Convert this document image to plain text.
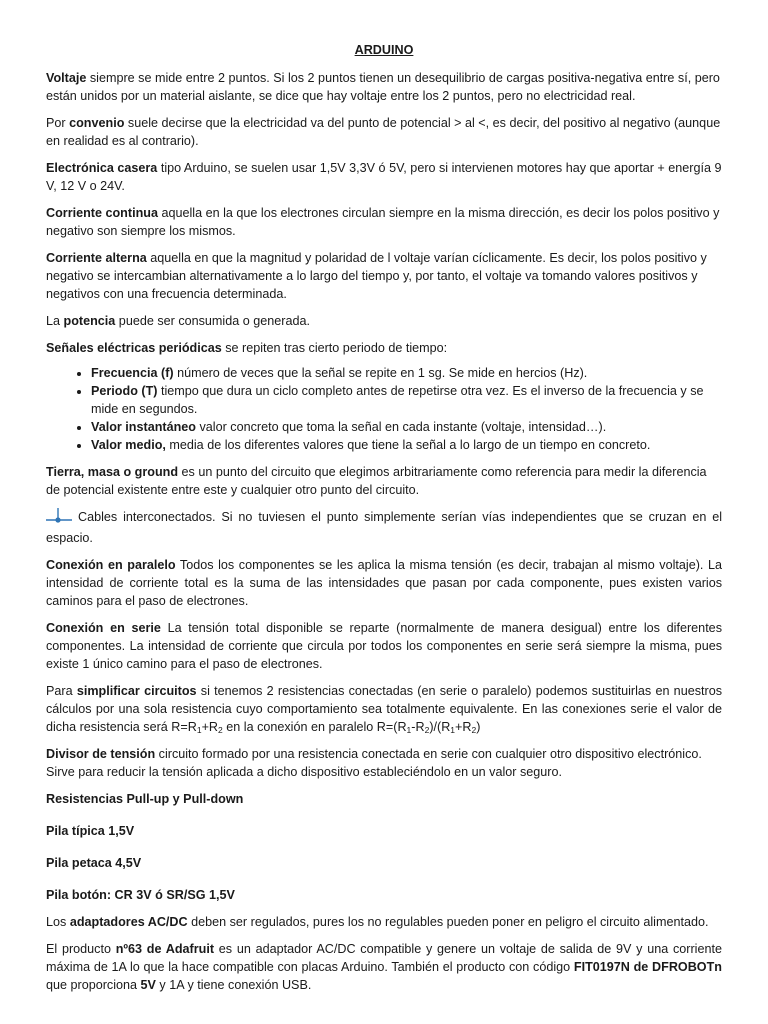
ARDUINO

Voltaje siempre se mide entre 2 puntos. Si los 2 puntos tienen un desequilibrio de cargas positiva-negativa entre sí, pero están unidos por un material aislante, se dice que hay voltaje entre los 2 puntos, pero no electricidad real.

Por convenio suele decirse que la electricidad va del punto de potencial > al <, es decir, del positivo al negativo (aunque en realidad es al contrario).

Electrónica casera tipo Arduino, se suelen usar 1,5V 3,3V ó 5V, pero si intervienen motores hay que aportar + energía 9 V, 12 V o 24V.

Corriente continua aquella en la que los electrones circulan siempre en la misma dirección, es decir los polos positivo y negativo son siempre los mismos.

Corriente alterna aquella en que la magnitud y polaridad de l voltaje varían cíclicamente. Es decir, los polos positivo y negativo se intercambian alternativamente a lo largo del tiempo y, por tanto, el voltaje va tomando valores positivos y negativos con una frecuencia determinada.

La potencia puede ser consumida o generada.

Señales eléctricas periódicas se repiten tras cierto periodo de tiempo:

• Frecuencia (f) número de veces que la señal se repite en 1 sg. Se mide en hercios (Hz).
• Periodo (T) tiempo que dura un ciclo completo antes de repetirse otra vez. Es el inverso de la frecuencia y se mide en segundos.
• Valor instantáneo valor concreto que toma la señal en cada instante (voltaje, intensidad…).
• Valor medio, media de los diferentes valores que tiene la señal a lo largo de un tiempo en concreto.

Tierra, masa o ground es un punto del circuito que elegimos arbitrariamente como referencia para medir la diferencia de potencial existente entre este y cualquier otro punto del circuito.

Cables interconectados. Si no tuviesen el punto simplemente serían vías independientes que se cruzan en el espacio.

Conexión en paralelo Todos los componentes se les aplica la misma tensión (es decir, trabajan al mismo voltaje). La intensidad de corriente total es la suma de las intensidades que pasan por cada componente, pues existen varios caminos para el paso de electrones.

Conexión en serie La tensión total disponible se reparte (normalmente de manera desigual) entre los diferentes componentes. La intensidad de corriente que circula por todos los componentes en serie será siempre la misma, pues existe 1 único camino para el paso de electrones.

Para simplificar circuitos si tenemos 2 resistencias conectadas (en serie o paralelo) podemos sustituirlas en nuestros cálculos por una sola resistencia cuyo comportamiento sea totalmente equivalente. En las conexiones serie el valor de dicha resistencia será $R=R_1+R_2$ en la conexión en paralelo $R=(R_1-R_2)/(R_1+R_2)$

Divisor de tensión circuito formado por una resistencia conectada en serie con cualquier otro dispositivo electrónico. Sirve para reducir la tensión aplicada a dicho dispositivo estableciéndolo en un valor seguro.

Resistencias Pull-up y Pull-down

Pila típica 1,5V

Pila petaca 4,5V

Pila botón: CR 3V ó SR/SG 1,5V

Los adaptadores AC/DC deben ser regulados, pures los no regulables pueden poner en peligro el circuito alimentado.

El producto nº63 de Adafruit es un adaptador AC/DC compatible y genere un voltaje de salida de 9V y una corriente máxima de 1A lo que la hace compatible con placas Arduino. También el producto con código FIT0197N de DFROBOTn que proporciona 5V y 1A y tiene conexión USB.
